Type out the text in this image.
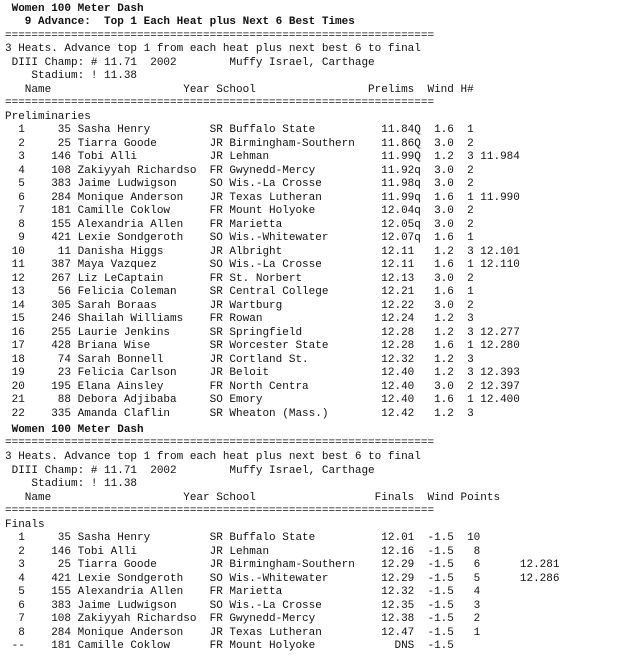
Women 100 Meter Dash
9 Advance:  Top 1 Each Heat plus Next 6 Best Times
=================================================================
3 Heats. Advance top 1 from each heat plus next best 6 to final
DIII Champ: # 11.71  2002        Muffy Israel, Carthage
Stadium: ! 11.38
Name                    Year School                 Prelims  Wind H#
=================================================================
Preliminaries
1     35 Sasha Henry         SR Buffalo State          11.84Q  1.6  1
2     25 Tiarra Goode        JR Birmingham-Southern    11.86Q  3.0  2
3    146 Tobi Alli           JR Lehman                 11.99Q  1.2  3 11.984
4    108 Zakiyyah Richardso  FR Gwynedd-Mercy          11.92q  3.0  2
5    383 Jaime Ludwigson     SO Wis.-La Crosse         11.98q  3.0  2
6    284 Monique Anderson    JR Texas Lutheran         11.99q  1.6  1 11.990
7    181 Camille Coklow      FR Mount Holyoke          12.04q  3.0  2
8    155 Alexandria Allen    FR Marietta               12.05q  3.0  2
9    421 Lexie Sondgeroth    SO Wis.-Whitewater        12.07q  1.6  1
10     11 Danisha Higgs       JR Albright               12.11   1.2  3 12.101
11    387 Maya Vazquez        SO Wis.-La Crosse         12.11   1.6  1 12.110
12    267 Liz LeCaptain       FR St. Norbert            12.13   3.0  2
13     56 Felicia Coleman     SR Central College        12.21   1.6  1
14    305 Sarah Boraas        JR Wartburg               12.22   3.0  2
15    246 Shailah Williams    FR Rowan                  12.24   1.2  3
16    255 Laurie Jenkins      SR Springfield            12.28   1.2  3 12.277
17    428 Briana Wise         SR Worcester State        12.28   1.6  1 12.280
18     74 Sarah Bonnell       JR Cortland St.           12.32   1.2  3
19     23 Felicia Carlson     JR Beloit                 12.40   1.2  3 12.393
20    195 Elana Ainsley       FR North Centra           12.40   3.0  2 12.397
21     88 Debora Adjibaba     SO Emory                  12.40   1.6  1 12.400
22    335 Amanda Claflin      SR Wheaton (Mass.)        12.42   1.2  3
Women 100 Meter Dash
=================================================================
3 Heats. Advance top 1 from each heat plus next best 6 to final
DIII Champ: # 11.71  2002        Muffy Israel, Carthage
Stadium: ! 11.38
Name                    Year School                  Finals  Wind Points
=================================================================
Finals
1     35 Sasha Henry         SR Buffalo State          12.01  -1.5  10
2    146 Tobi Alli           JR Lehman                 12.16  -1.5   8
3     25 Tiarra Goode        JR Birmingham-Southern    12.29  -1.5   6      12.281
4    421 Lexie Sondgeroth    SO Wis.-Whitewater        12.29  -1.5   5      12.286
5    155 Alexandria Allen    FR Marietta               12.32  -1.5   4
6    383 Jaime Ludwigson     SO Wis.-La Crosse         12.35  -1.5   3
7    108 Zakiyyah Richardso  FR Gwynedd-Mercy          12.38  -1.5   2
8    284 Monique Anderson    JR Texas Lutheran         12.47  -1.5   1
--    181 Camille Coklow      FR Mount Holyoke            DNS  -1.5
